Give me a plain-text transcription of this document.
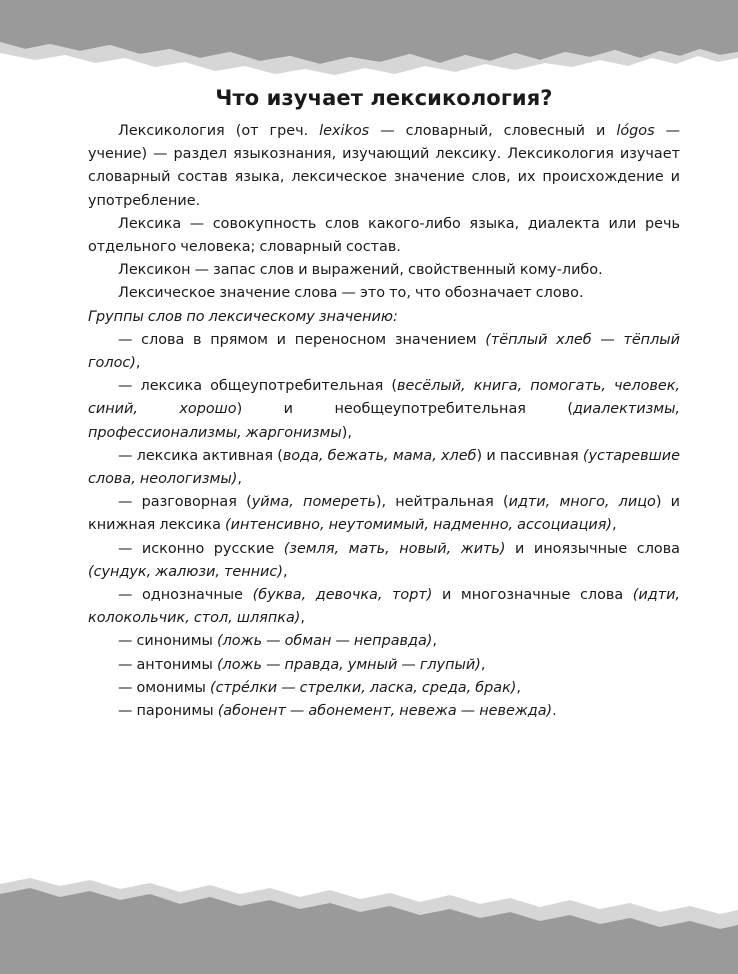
Что изучает лексикология?

Лексикология (от греч. lexikos — словарный, словесный и lógos — учение) — раздел языкознания, изучающий лексику. Лексикология изучает словарный состав языка, лексическое значение слов, их происхождение и употребление.

Лексика — совокупность слов какого-либо языка, диалекта или речь отдельного человека; словарный состав.

Лексикон — запас слов и выражений, свойственный кому-либо.

Лексическое значение слова — это то, что обозначает слово.

Группы слов по лексическому значению:

— слова в прямом и переносном значением (тёплый хлеб — тёплый голос),

— лексика общеупотребительная (весёлый, книга, помогать, человек, синий, хорошо) и необщеупотребительная (диалектизмы, профессионализмы, жаргонизмы),

— лексика активная (вода, бежать, мама, хлеб) и пассивная (устаревшие слова, неологизмы),

— разговорная (уйма, помереть), нейтральная (идти, много, лицо) и книжная лексика (интенсивно, неутомимый, надменно, ассоциация),

— исконно русские (земля, мать, новый, жить) и иноязычные слова (сундук, жалюзи, теннис),

— однозначные (буква, девочка, торт) и многозначные слова (идти, колокольчик, стол, шляпка),

— синонимы (ложь — обман — неправда),

— антонимы (ложь — правда, умный — глупый),

— омонимы (стрéлки — стрелки, ласка, среда, брак),

— паронимы (абонент — абонемент, невежа — невежда).
